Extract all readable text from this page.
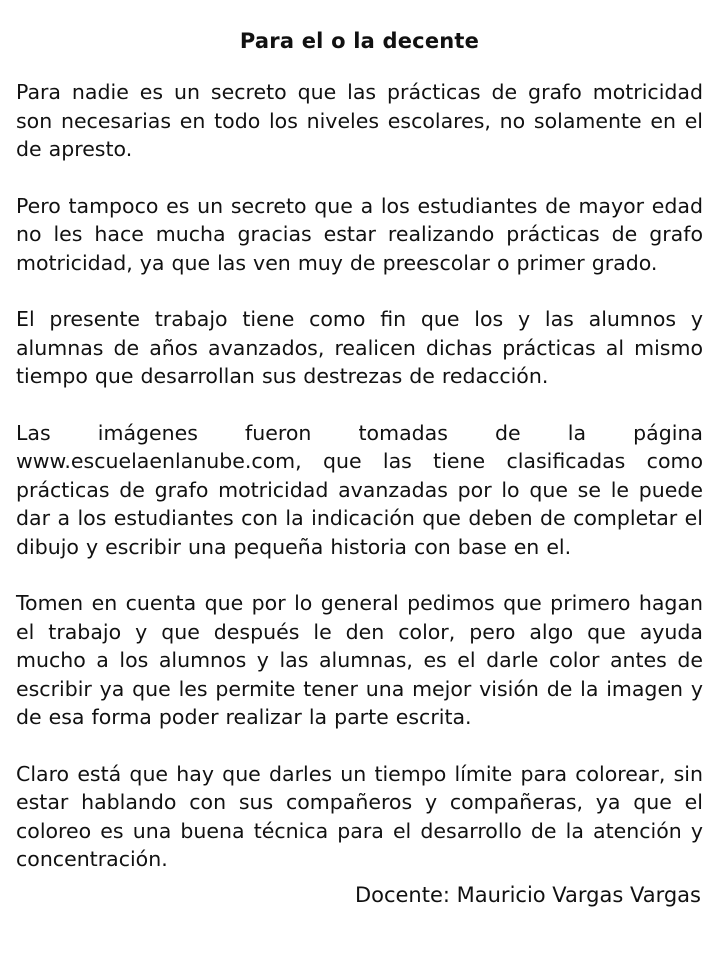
Para el o la decente

Para nadie es un secreto que las prácticas de grafo motricidad son necesarias en todo los niveles escolares, no solamente en el de apresto.

Pero tampoco es un secreto que a los estudiantes de mayor edad no les hace mucha gracias estar realizando prácticas de grafo motricidad, ya que las ven muy de preescolar o primer grado.

El presente trabajo tiene como fin que los y las alumnos y alumnas de años avanzados, realicen dichas prácticas al mismo tiempo que desarrollan sus destrezas de redacción.

Las imágenes fueron tomadas de la página www.escuelaenlanube.com, que las tiene clasificadas como prácticas de grafo motricidad avanzadas por lo que se le puede dar a los estudiantes con la indicación que deben de completar el dibujo y escribir una pequeña historia con base en el.

Tomen en cuenta que por lo general pedimos que primero hagan el trabajo y que después le den color, pero algo que ayuda mucho a los alumnos y las alumnas, es el darle color antes de escribir ya que les permite tener una mejor visión de la imagen y de esa forma poder realizar la parte escrita.

Claro está que hay que darles un tiempo límite para colorear, sin estar hablando con sus compañeros y compañeras, ya que el coloreo es una buena técnica para el desarrollo de la atención y concentración.

Docente: Mauricio Vargas Vargas
